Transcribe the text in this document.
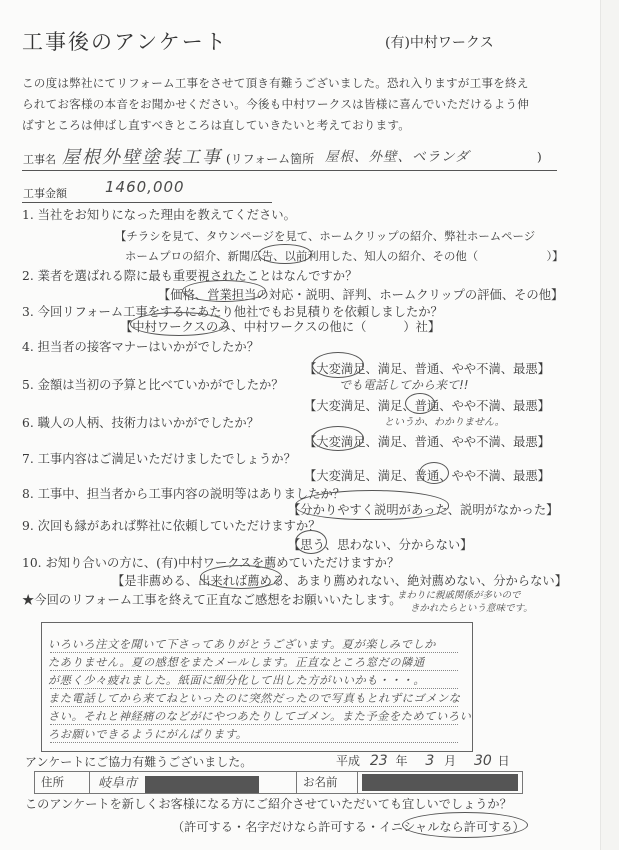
工事後のアンケート	(有)中村ワークス
この度は弊社にてリフォーム工事をさせて頂き有難うございました。恐れ入りますが工事を終え
られてお客様の本音をお聞かせください。今後も中村ワークスは皆様に喜んでいただけるよう伸
ばすところは伸ばし直すべきところは直していきたいと考えております。
工事名 屋根外壁塗装工事 (リフォーム箇所 屋根、外壁、ベランダ	)
工事金額	1460,000
1. 当社をお知りになった理由を教えてください。
【チラシを見て、タウンページを見て、ホームクリップの紹介、弊社ホームページ
ホームプロの紹介、新聞広告、以前利用した、知人の紹介、その他（　　　　　　）】
2. 業者を選ばれる際に最も重要視されたことはなんですか？
【価格、営業担当の対応・説明、評判、ホームクリップの評価、その他】
3. 今回リフォーム工事をするにあたり他社でもお見積りを依頼しましたか？
【中村ワークスのみ、中村ワークスの他に（　　　）社】
4. 担当者の接客マナーはいかがでしたか？
【大変満足、満足、普通、やや不満、最悪】
でも電話してから来て!!
5. 金額は当初の予算と比べていかがでしたか？
【大変満足、満足、普通、やや不満、最悪】
というか、わかりません。
6. 職人の人柄、技術力はいかがでしたか？
【大変満足、満足、普通、やや不満、最悪】
7. 工事内容はご満足いただけましたでしょうか？
【大変満足、満足、普通、やや不満、最悪】
8. 工事中、担当者から工事内容の説明等はありましたか？
【分かりやすく説明があった、説明がなかった】
9. 次回も縁があれば弊社に依頼していただけますか？
【思う、思わない、分からない】
10. お知り合いの方に、(有)中村ワークスを薦めていただけますか？
【是非薦める、出来れば薦める、あまり薦めれない、絶対薦めない、分からない】
★今回のリフォーム工事を終えて正直なご感想をお願いいたします。
まわりに親戚関係が多いので
きかれたらという意味です。
いろいろ注文を聞いて下さってありがとうございます。夏が楽しみでしか
たありません。夏の感想をまたメールします。正直なところ窓だの隣通
が悪く少々疲れました。紙面に細分化して出した方がいいかも・・・。
また電話してから来てねといったのに突然だったので写真もとれずにゴメンな
さい。それと神経痛のなどがにやつあたりしてゴメン。また予金をためていろい
ろお願いできるようにがんばります。
アンケートにご協力有難うございました。	平成 23 年 3 月 30 日
住所	岐阜市	お名前	
このアンケートを新しくお客様になる方にご紹介させていただいても宜しいでしょうか？
（許可する・名字だけなら許可する・イニシャルなら許可する）
